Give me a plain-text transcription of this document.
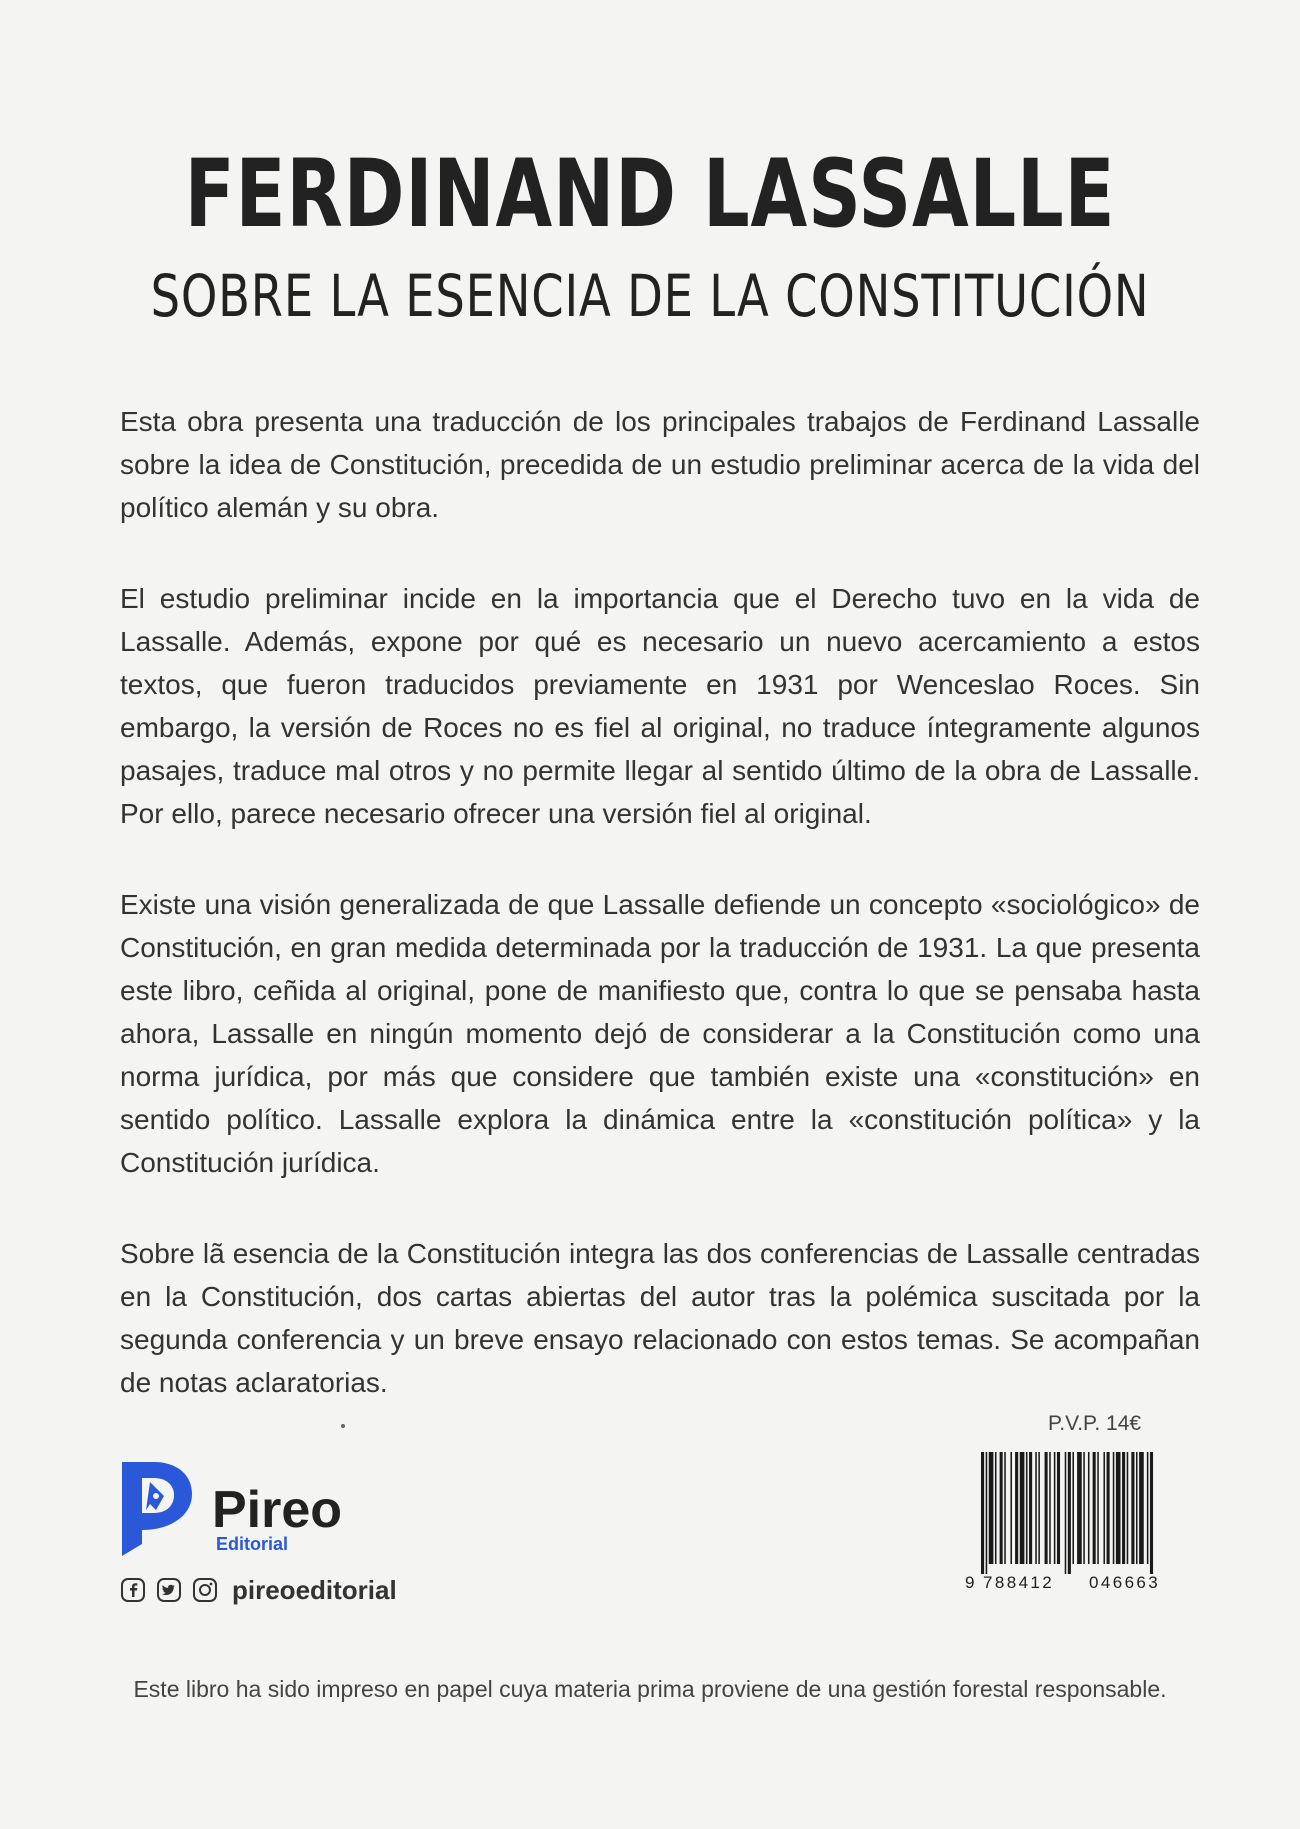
FERDINAND LASSALLE
SOBRE LA ESENCIA DE LA CONSTITUCIÓN

Esta obra presenta una traducción de los principales trabajos de Ferdinand Lassalle sobre la idea de Constitución, precedida de un estudio preliminar acerca de la vida del político alemán y su obra.

El estudio preliminar incide en la importancia que el Derecho tuvo en la vida de Lassalle. Además, expone por qué es necesario un nuevo acercamiento a estos textos, que fueron traducidos previamente en 1931 por Wenceslao Roces. Sin embargo, la versión de Roces no es fiel al original, no traduce íntegramente algunos pasajes, traduce mal otros y no permite llegar al sentido último de la obra de Lassalle. Por ello, parece necesario ofrecer una versión fiel al original.

Existe una visión generalizada de que Lassalle defiende un concepto «sociológico» de Constitución, en gran medida determinada por la traducción de 1931. La que presenta este libro, ceñida al original, pone de manifiesto que, contra lo que se pensaba hasta ahora, Lassalle en ningún momento dejó de considerar a la Constitución como una norma jurídica, por más que considere que también existe una «constitución» en sentido político. Lassalle explora la dinámica entre la «constitución política» y la Constitución jurídica.

Sobre lã esencia de la Constitución integra las dos conferencias de Lassalle centradas en la Constitución, dos cartas abiertas del autor tras la polémica suscitada por la segunda conferencia y un breve ensayo relacionado con estos temas. Se acompañan de notas aclaratorias.

Pireo
Editorial
pireoeditorial
P.V.P. 14€
9 788412 046663
Este libro ha sido impreso en papel cuya materia prima proviene de una gestión forestal responsable.
